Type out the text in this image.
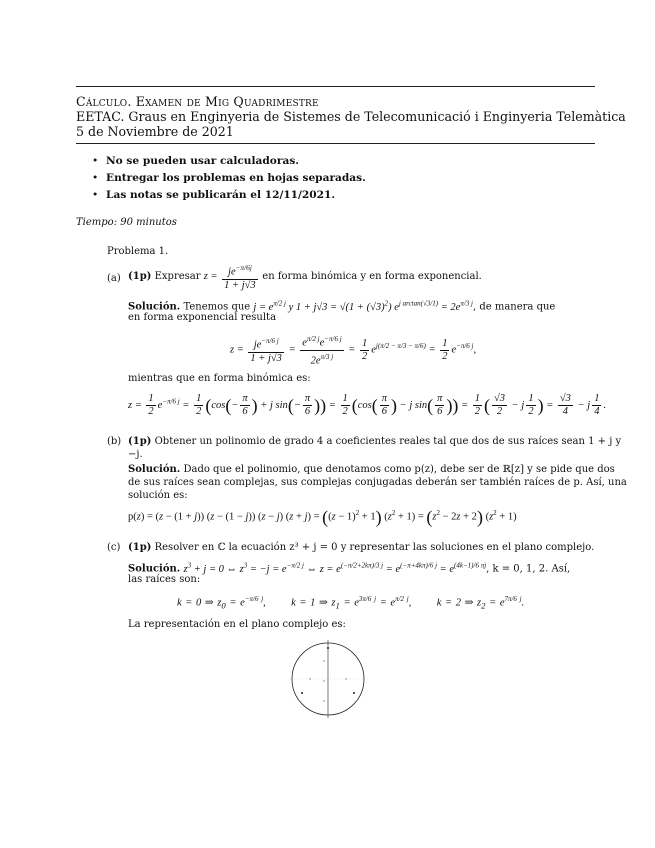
Cálculo. Examen de Mig Quadrimestre
EETAC. Graus en Enginyeria de Sistemes de Telecomunicació i Enginyeria Telemàtica
5 de Noviembre de 2021
• No se pueden usar calculadoras.
• Entregar los problemas en hojas separadas.
• Las notas se publicarán el 12/11/2021.
Tiempo: 90 minutos
Problema 1.
(a) (1p) Expresar $z = \frac{je^{-\pi/6j}}{1 + j√3}$ en forma binómica y en forma exponencial.
Solución. Tenemos que $j = e^{\pi/2 j}$ y $1 + j√3 = √(1 + (√3)^2)$ $e^{j arctan(√3/1)} = 2e^{\pi/3 j}$, de manera que
en forma exponencial resulta
$z = \frac{je^{-\pi/6 j}}{1 + j√3} = \frac{e^{\pi/2 j}e^{-\pi/6 j}}{2e^{\pi/3 j}} = \frac{1}{2} e^{j(\pi/2 - \pi/3 - \pi/6)} = \frac{1}{2} e^{-\pi/6 j}$,
mientras que en forma binómica es:
$z = \frac{1}{2} e^{-\pi/6 j} = \frac{1}{2} (\cos(- \frac{\pi}{6}$ ) + j $\sin(- \frac{\pi}{6}$ )) = $\frac{1}{2} (\cos( \frac{\pi}{6}$ ) − j $\sin( \frac{\pi}{6}$ )) = $\frac{1}{2}$ ( $\frac{√3}{2} - j \frac{1}{2}$ ) = $\frac{√3}{4} - j \frac{1}{4}$ .
(b) (1p) Obtener un polinomio de grado 4 a coeficientes reales tal que dos de sus raíces sean 1 + j y
−j.
Solución. Dado que el polinomio, que denotamos como p(z), debe ser de ℝ[z] y se pide que dos
de sus raíces sean complejas, sus complejas conjugadas deberán ser también raíces de p. Así, una
solución es:
p(z) = (z − (1 + j)) (z − (1 − j)) (z − j) $(z + j) = ((z - 1)^2 + 1)$ $(z^2 + 1) = (z^2 - 2z + 2) (z^2 + 1)$
(c) (1p) Resolver en ℂ la ecuación z³ + j = 0 y representar las soluciones en el plano complejo.
Solución. $z^3 + j = 0$ ⇔ $z^3 = -j = e^{-\pi/2 j}$ ⇔ $z = e^{(-\pi/2+2k\pi)/3 j} = e^{(-\pi+4k\pi)/6 j} = e^{(4k-1)/6 \pi j}$, k = 0, 1, 2. Así,
las raíces son:
k = 0 ⇒ $z_0 = e^{-\pi/6 j}$,       k = 1 ⇒ $z_1 = e^{3\pi/6 j} = e^{\pi/2 j}$,       k = 2 ⇒ $z_2 = e^{7\pi/6 j}$.
La representación en el plano complejo es:
